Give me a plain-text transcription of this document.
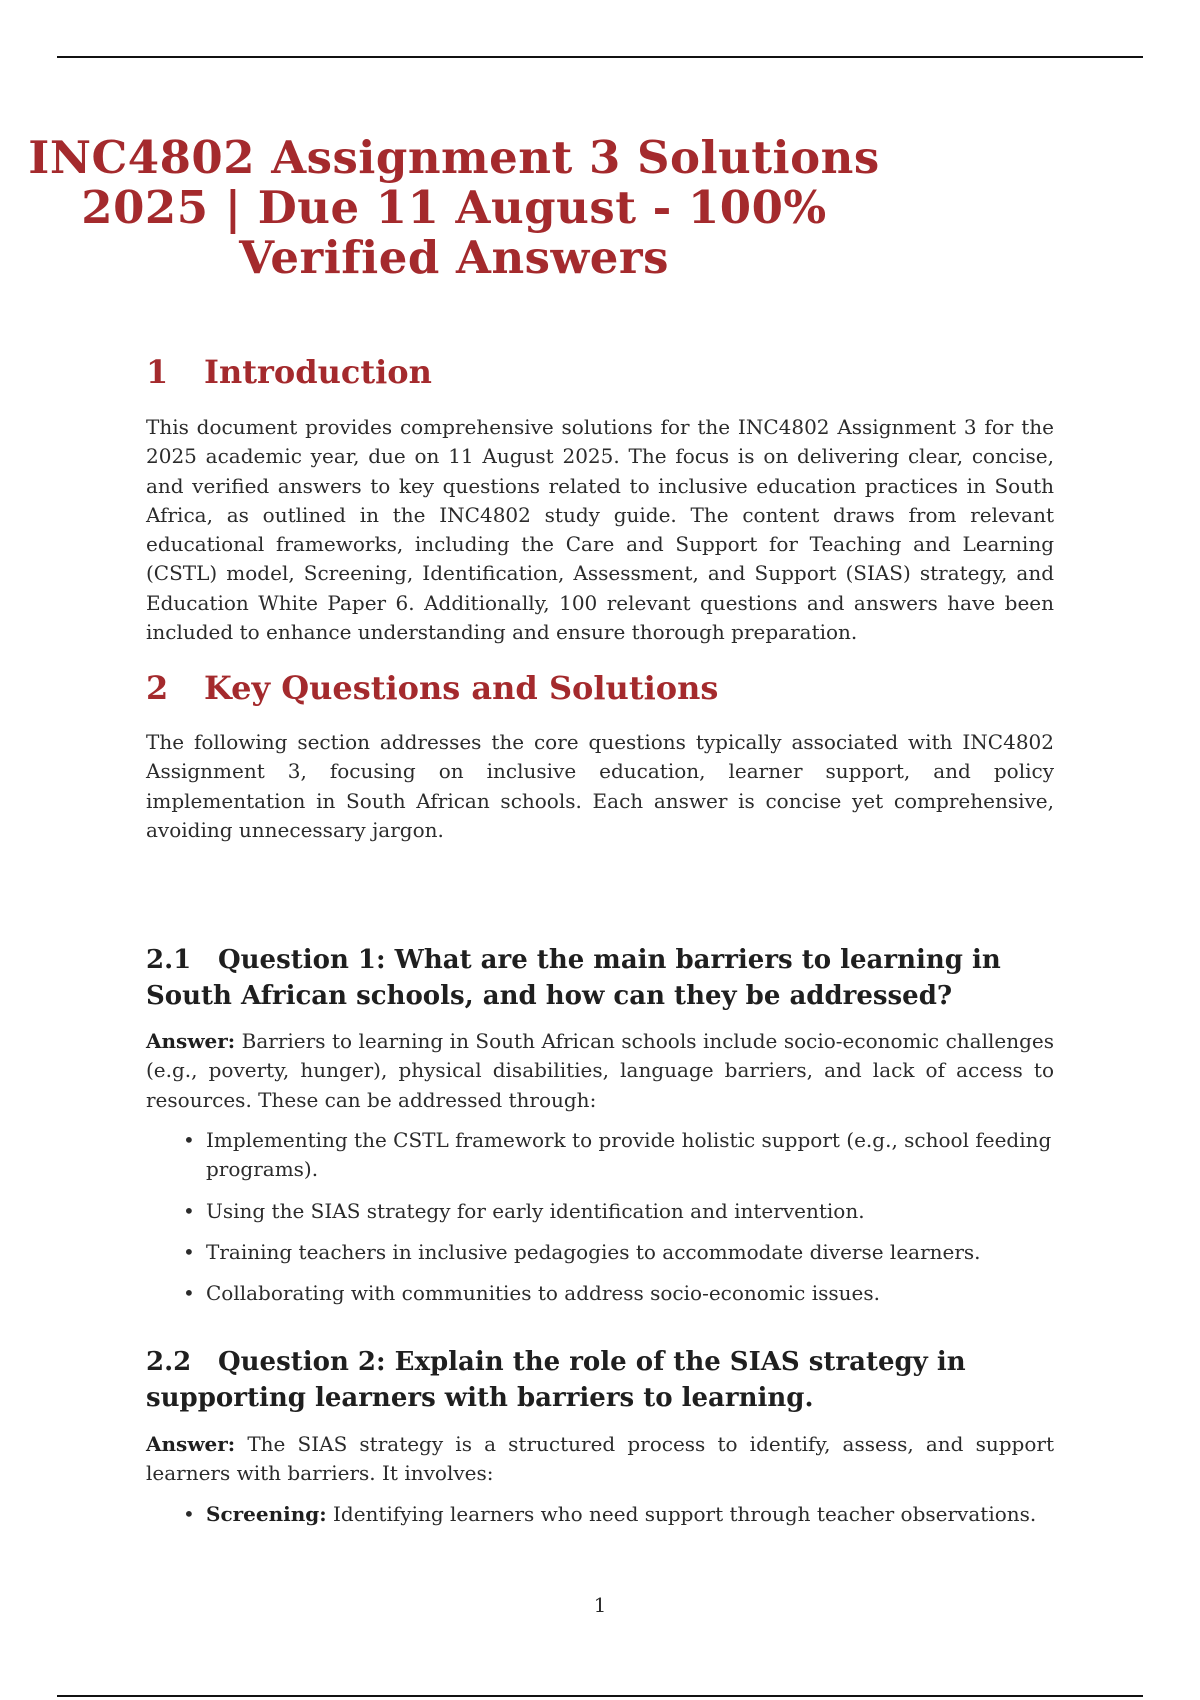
INC4802 Assignment 3 Solutions
2025 | Due 11 August - 100%
Verified Answers
1 Introduction

This document provides comprehensive solutions for the INC4802 Assignment 3 for the 2025 academic year, due on 11 August 2025. The focus is on delivering clear, concise, and verified answers to key questions related to inclusive education practices in South Africa, as outlined in the INC4802 study guide. The content draws from relevant educational frameworks, including the Care and Support for Teaching and Learning (CSTL) model, Screening, Identification, Assessment, and Support (SIAS) strategy, and Education White Paper 6. Additionally, 100 relevant questions and answers have been included to enhance understanding and ensure thorough preparation.

2 Key Questions and Solutions

The following section addresses the core questions typically associated with INC4802 Assignment 3, focusing on inclusive education, learner support, and policy implementation in South African schools. Each answer is concise yet comprehensive, avoiding unnecessary jargon.

2.1 Question 1: What are the main barriers to learning in South African schools, and how can they be addressed?

Answer: Barriers to learning in South African schools include socio-economic challenges (e.g., poverty, hunger), physical disabilities, language barriers, and lack of access to resources. These can be addressed through:

• Implementing the CSTL framework to provide holistic support (e.g., school feeding programs).
• Using the SIAS strategy for early identification and intervention.
• Training teachers in inclusive pedagogies to accommodate diverse learners.
• Collaborating with communities to address socio-economic issues.
2.2 Question 2: Explain the role of the SIAS strategy in supporting learners with barriers to learning.

Answer: The SIAS strategy is a structured process to identify, assess, and support learners with barriers. It involves:

• Screening: Identifying learners who need support through teacher observations.
1
